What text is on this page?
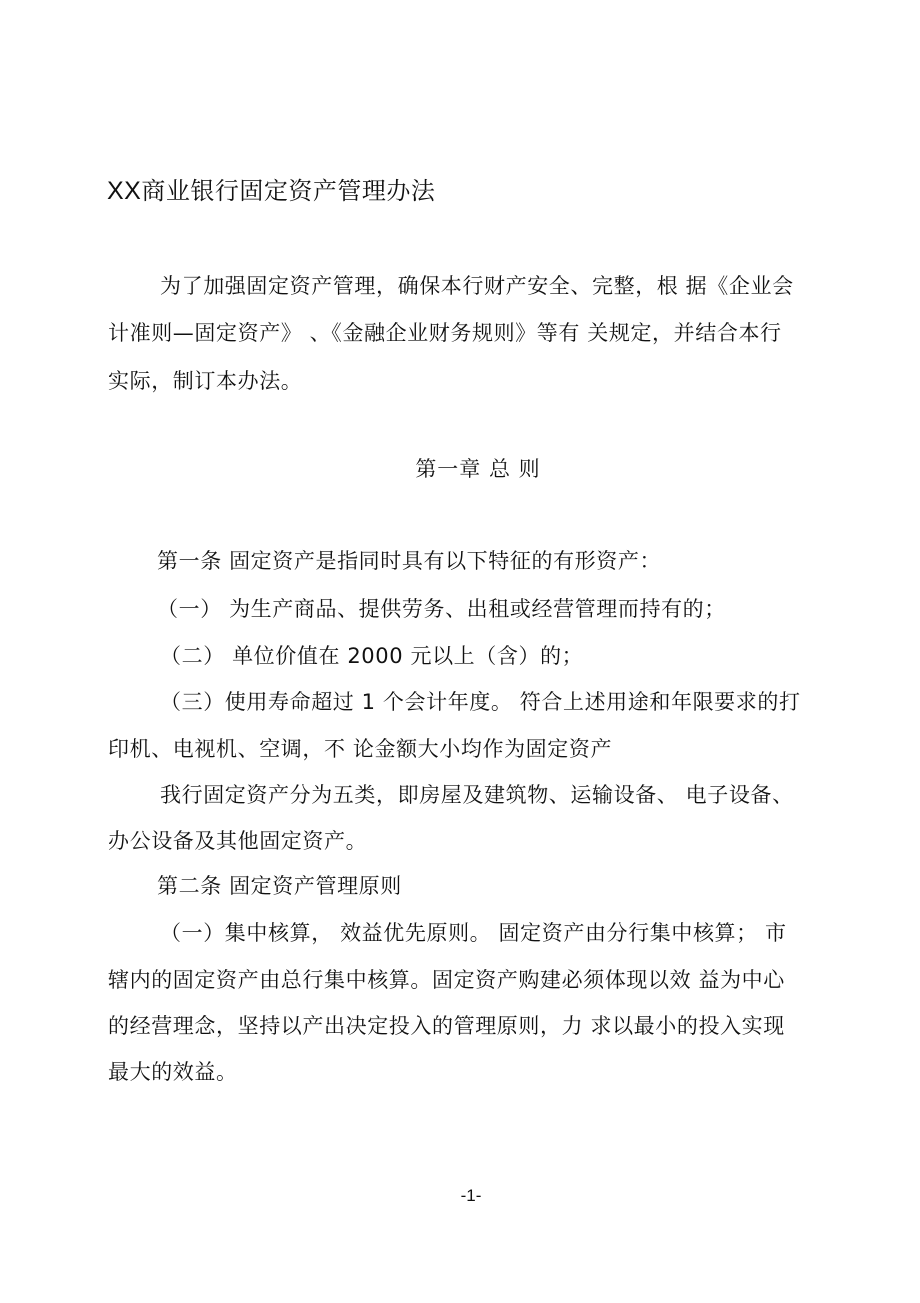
XX商业银行固定资产管理办法
为了加强固定资产管理，确保本行财产安全、完整，根 据《企业会
计准则—固定资产》 、《金融企业财务规则》等有 关规定，并结合本行
实际，制订本办法。
第一章 总 则
第一条 固定资产是指同时具有以下特征的有形资产：
（一） 为生产商品、提供劳务、出租或经营管理而持有的；
（二） 单位价值在 2000 元以上（含）的；
（三）使用寿命超过 1 个会计年度。 符合上述用途和年限要求的打
印机、电视机、空调，不 论金额大小均作为固定资产
我行固定资产分为五类，即房屋及建筑物、运输设备、 电子设备、
办公设备及其他固定资产。
第二条 固定资产管理原则
（一）集中核算， 效益优先原则。 固定资产由分行集中核算； 市
辖内的固定资产由总行集中核算。固定资产购建必须体现以效 益为中心
的经营理念，坚持以产出决定投入的管理原则，力 求以最小的投入实现
最大的效益。
-1-
